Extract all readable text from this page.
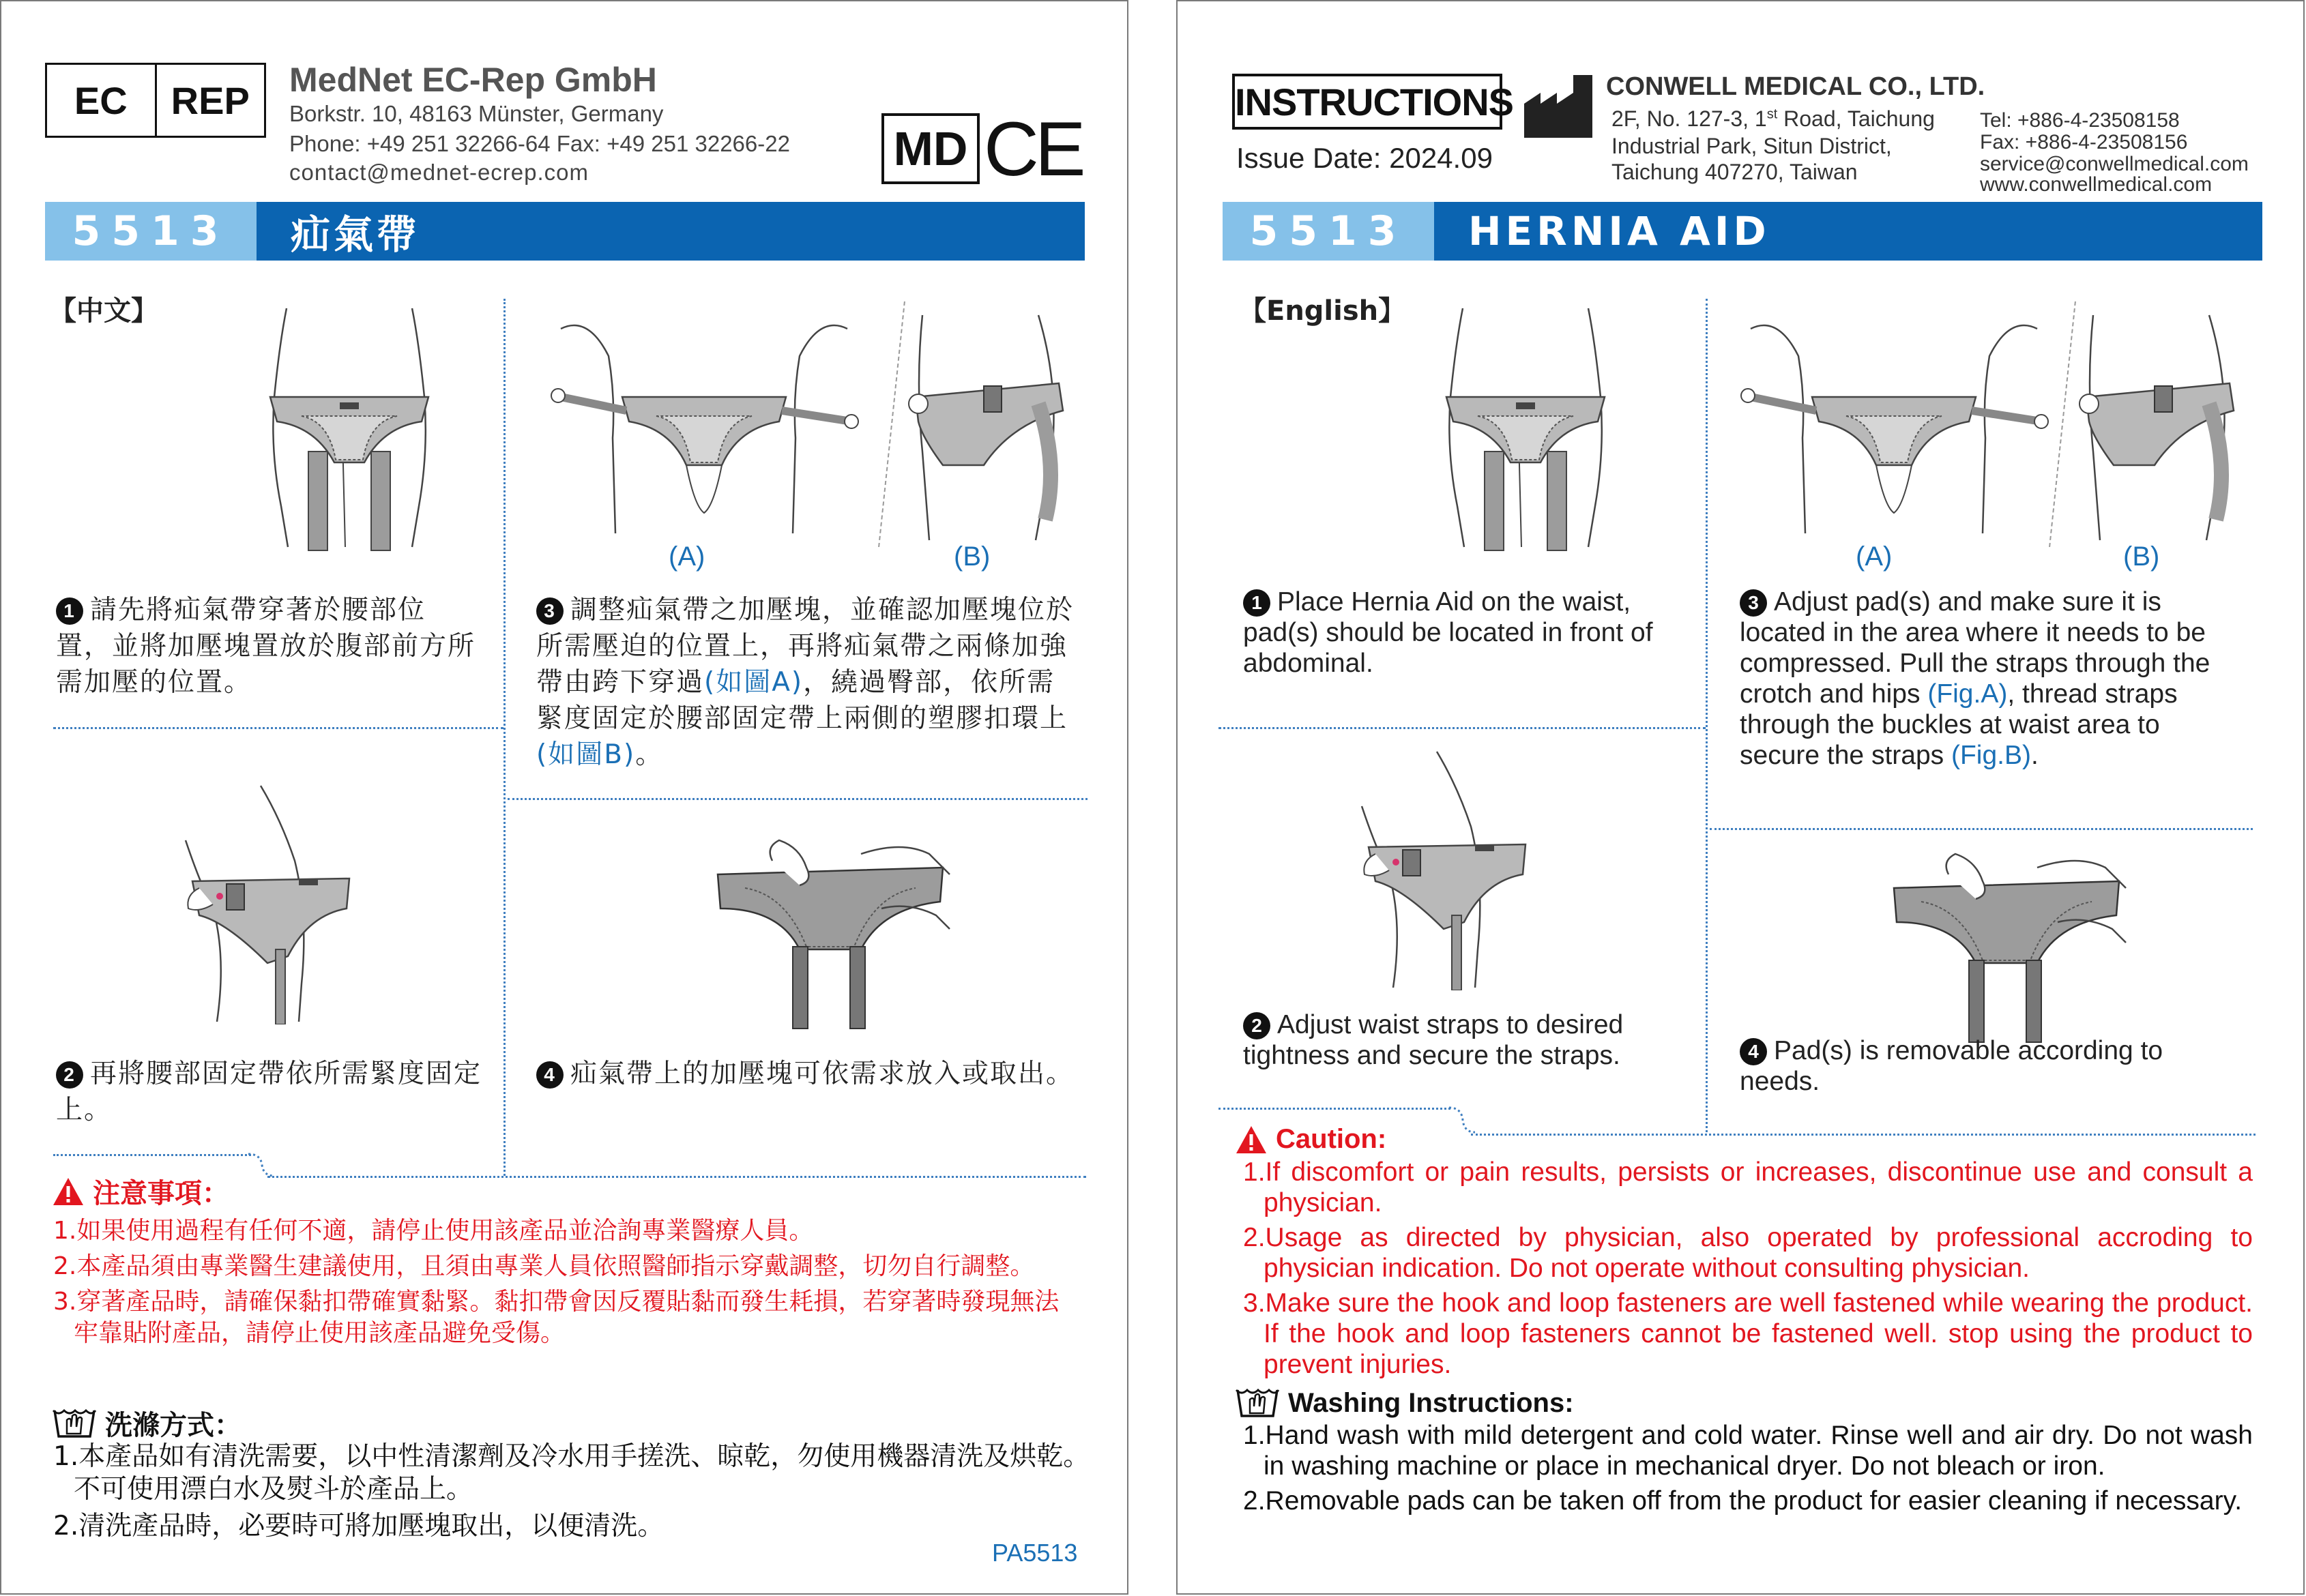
EC	REP	MedNet EC-Rep GmbH
Borkstr. 10, 48163 Münster, Germany
Phone: +49 251 32266-64 Fax: +49 251 32266-22
contact@mednet-ecrep.com	MD CE
5513	疝氣帶
【中文】
(A)	(B)
1 請先將疝氣帶穿著於腰部位置，並將加壓塊置放於腹部前方所需加壓的位置。
3 調整疝氣帶之加壓塊，並確認加壓塊位於所需壓迫的位置上，再將疝氣帶之兩條加強帶由跨下穿過(如圖A)，繞過臀部，依所需緊度固定於腰部固定帶上兩側的塑膠扣環上(如圖B)。
2 再將腰部固定帶依所需緊度固定上。
4 疝氣帶上的加壓塊可依需求放入或取出。
注意事項：
1.如果使用過程有任何不適，請停止使用該產品並洽詢專業醫療人員。
2.本產品須由專業醫生建議使用，且須由專業人員依照醫師指示穿戴調整，切勿自行調整。
3.穿著產品時，請確保黏扣帶確實黏緊。黏扣帶會因反覆貼黏而發生耗損，若穿著時發現無法牢靠貼附產品，請停止使用該產品避免受傷。
洗滌方式：
1.本產品如有清洗需要，以中性清潔劑及冷水用手搓洗、晾乾，勿使用機器清洗及烘乾。不可使用漂白水及熨斗於產品上。
2.清洗產品時，必要時可將加壓塊取出，以便清洗。
PA5513
INSTRUCTIONS
Issue Date: 2024.09
CONWELL MEDICAL CO., LTD.
2F, No. 127-3, 1st Road, Taichung
Industrial Park, Situn District,
Taichung 407270, Taiwan
Tel: +886-4-23508158
Fax: +886-4-23508156
service@conwellmedical.com
www.conwellmedical.com
5513	HERNIA AID
【English】
(A)	(B)
1 Place Hernia Aid on the waist, pad(s) should be located in front of abdominal.
3 Adjust pad(s) and make sure it is located in the area where it needs to be compressed. Pull the straps through the crotch and hips (Fig.A), thread straps through the buckles at waist area to secure the straps (Fig.B).
2 Adjust waist straps to desired tightness and secure the straps.	4 Pad(s) is removable according to needs.
Caution:
1.If discomfort or pain results, persists or increases, discontinue use and consult a physician.
2.Usage as directed by physician, also operated by professional accroding to physician indication. Do not operate without consulting physician.
3.Make sure the hook and loop fasteners are well fastened while wearing the product. If the hook and loop fasteners cannot be fastened well. stop using the product to prevent injuries.
Washing Instructions:
1.Hand wash with mild detergent and cold water. Rinse well and air dry. Do not wash in washing machine or place in mechanical dryer. Do not bleach or iron.
2.Removable pads can be taken off from the product for easier cleaning if necessary.
